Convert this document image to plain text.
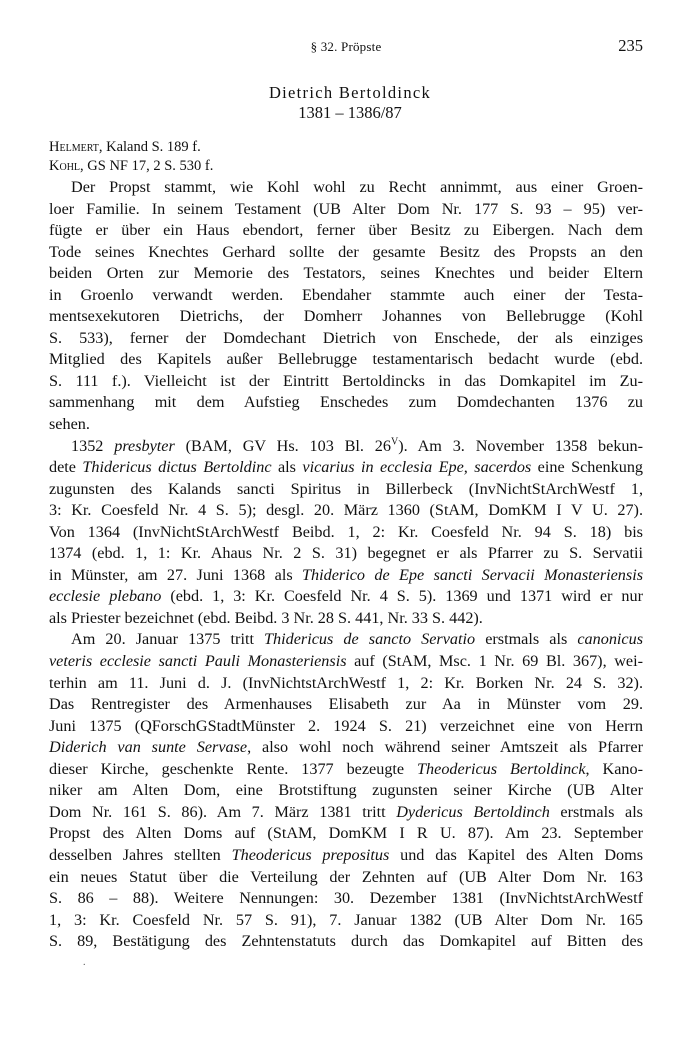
§ 32. Pröpste	235
Dietrich Bertoldinck
1381 – 1386/87
Helmert, Kaland S. 189 f.
Kohl, GS NF 17, 2 S. 530 f.
Der Propst stammt, wie Kohl wohl zu Recht annimmt, aus einer Groen-
loer Familie. In seinem Testament (UB Alter Dom Nr. 177 S. 93 – 95) ver-
fügte er über ein Haus ebendort, ferner über Besitz zu Eibergen. Nach dem
Tode seines Knechtes Gerhard sollte der gesamte Besitz des Propsts an den
beiden Orten zur Memorie des Testators, seines Knechtes und beider Eltern
in Groenlo verwandt werden. Ebendaher stammte auch einer der Testa-
mentsexekutoren Dietrichs, der Domherr Johannes von Bellebrugge (Kohl
S. 533), ferner der Domdechant Dietrich von Enschede, der als einziges
Mitglied des Kapitels außer Bellebrugge testamentarisch bedacht wurde (ebd.
S. 111 f.). Vielleicht ist der Eintritt Bertoldincks in das Domkapitel im Zu-
sammenhang mit dem Aufstieg Enschedes zum Domdechanten 1376 zu
sehen.
1352 presbyter (BAM, GV Hs. 103 Bl. $26^V$). Am 3. November 1358 bekun-
dete Thidericus dictus Bertoldinc als vicarius in ecclesia Epe, sacerdos eine Schenkung
zugunsten des Kalands sancti Spiritus in Billerbeck (InvNichtStArchWestf 1,
3: Kr. Coesfeld Nr. 4 S. 5); desgl. 20. März 1360 (StAM, DomKM I V U. 27).
Von 1364 (InvNichtStArchWestf Beibd. 1, 2: Kr. Coesfeld Nr. 94 S. 18) bis
1374 (ebd. 1, 1: Kr. Ahaus Nr. 2 S. 31) begegnet er als Pfarrer zu S. Servatii
in Münster, am 27. Juni 1368 als Thiderico de Epe sancti Servacii Monasteriensis
ecclesie plebano (ebd. 1, 3: Kr. Coesfeld Nr. 4 S. 5). 1369 und 1371 wird er nur
als Priester bezeichnet (ebd. Beibd. 3 Nr. 28 S. 441, Nr. 33 S. 442).
Am 20. Januar 1375 tritt Thidericus de sancto Servatio erstmals als canonicus
veteris ecclesie sancti Pauli Monasteriensis auf (StAM, Msc. 1 Nr. 69 Bl. 367), wei-
terhin am 11. Juni d. J. (InvNichtstArchWestf 1, 2: Kr. Borken Nr. 24 S. 32).
Das Rentregister des Armenhauses Elisabeth zur Aa in Münster vom 29.
Juni 1375 (QForschGStadtMünster 2. 1924 S. 21) verzeichnet eine von Herrn
Diderich van sunte Servase, also wohl noch während seiner Amtszeit als Pfarrer
dieser Kirche, geschenkte Rente. 1377 bezeugte Theodericus Bertoldinck, Kano-
niker am Alten Dom, eine Brotstiftung zugunsten seiner Kirche (UB Alter
Dom Nr. 161 S. 86). Am 7. März 1381 tritt Dydericus Bertoldinch erstmals als
Propst des Alten Doms auf (StAM, DomKM I R U. 87). Am 23. September
desselben Jahres stellten Theodericus prepositus und das Kapitel des Alten Doms
ein neues Statut über die Verteilung der Zehnten auf (UB Alter Dom Nr. 163
S. 86 – 88). Weitere Nennungen: 30. Dezember 1381 (InvNichtstArchWestf
1, 3: Kr. Coesfeld Nr. 57 S. 91), 7. Januar 1382 (UB Alter Dom Nr. 165
S. 89, Bestätigung des Zehntenstatuts durch das Domkapitel auf Bitten des
.
